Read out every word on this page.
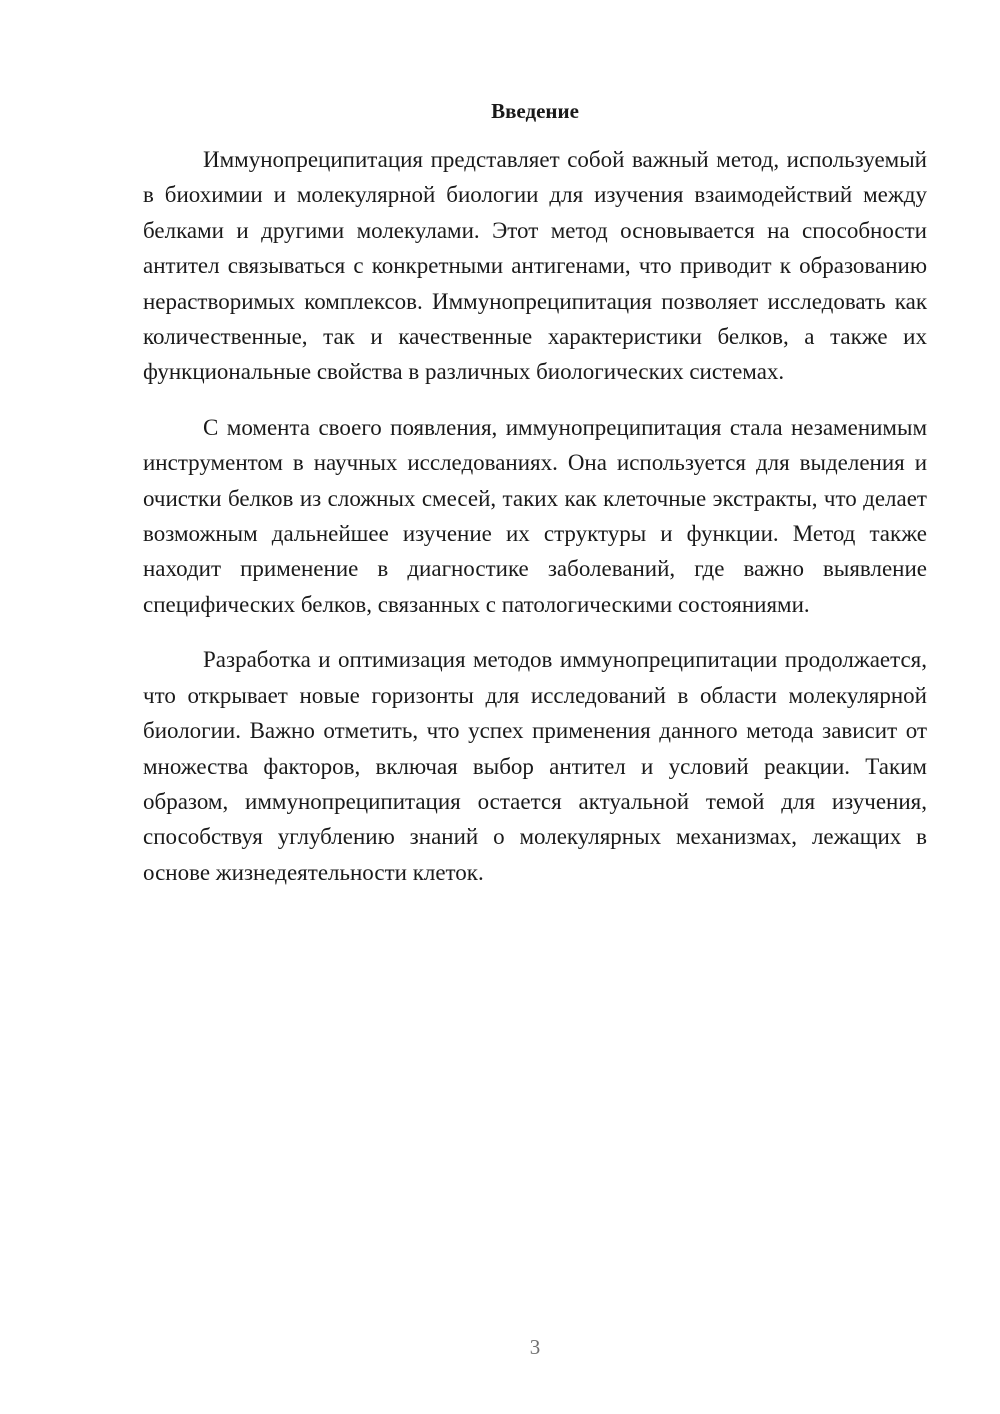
Введение

Иммунопреципитация представляет собой важный метод, используемый в биохимии и молекулярной биологии для изучения взаимодействий между белками и другими молекулами. Этот метод основывается на способности антител связываться с конкретными антигенами, что приводит к образованию нерастворимых комплексов. Иммунопреципитация позволяет исследовать как количественные, так и качественные характеристики белков, а также их функциональные свойства в различных биологических системах.

С момента своего появления, иммунопреципитация стала незаменимым инструментом в научных исследованиях. Она используется для выделения и очистки белков из сложных смесей, таких как клеточные экстракты, что делает возможным дальнейшее изучение их структуры и функции. Метод также находит применение в диагностике заболеваний, где важно выявление специфических белков, связанных с патологическими состояниями.

Разработка и оптимизация методов иммунопреципитации продолжается, что открывает новые горизонты для исследований в области молекулярной биологии. Важно отметить, что успех применения данного метода зависит от множества факторов, включая выбор антител и условий реакции. Таким образом, иммунопреципитация остается актуальной темой для изучения, способствуя углублению знаний о молекулярных механизмах, лежащих в основе жизнедеятельности клеток.

3
